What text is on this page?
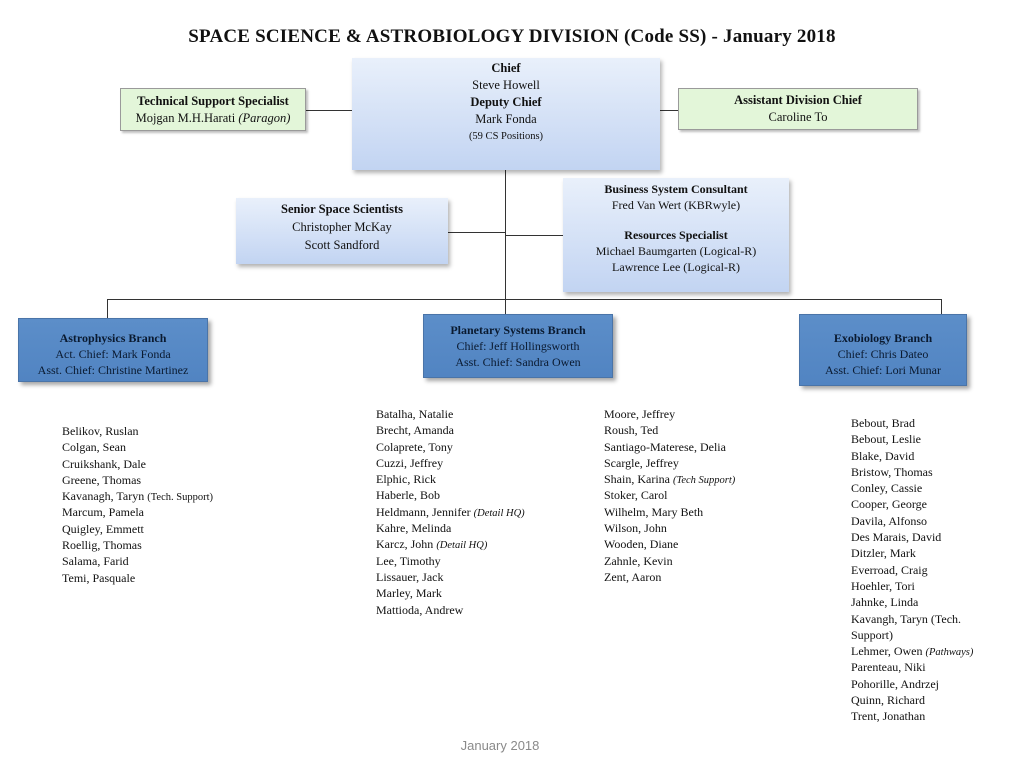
SPACE SCIENCE & ASTROBIOLOGY DIVISION (Code SS) - January 2018
Chief
Steve Howell
Deputy Chief
Mark Fonda
(59 CS Positions)
Technical Support Specialist
Mojgan M.H.Harati (Paragon)
Assistant Division Chief
Caroline To
Senior Space Scientists
Christopher McKay
Scott Sandford
Business System Consultant
Fred Van Wert (KBRwyle)
Resources Specialist
Michael Baumgarten (Logical-R)
Lawrence Lee (Logical-R)
Astrophysics Branch
Act. Chief: Mark Fonda
Asst. Chief: Christine Martinez
Planetary Systems Branch
Chief: Jeff Hollingsworth
Asst. Chief: Sandra Owen
Exobiology Branch
Chief: Chris Dateo
Asst. Chief: Lori Munar
Belikov, Ruslan
Colgan, Sean
Cruikshank, Dale
Greene, Thomas
Kavanagh, Taryn (Tech. Support)
Marcum, Pamela
Quigley, Emmett
Roellig, Thomas
Salama, Farid
Temi, Pasquale
Batalha, Natalie
Brecht, Amanda
Colaprete, Tony
Cuzzi, Jeffrey
Elphic, Rick
Haberle, Bob
Heldmann, Jennifer (Detail HQ)
Kahre, Melinda
Karcz, John (Detail HQ)
Lee, Timothy
Lissauer, Jack
Marley, Mark
Mattioda, Andrew
Moore, Jeffrey
Roush, Ted
Santiago-Materese, Delia
Scargle, Jeffrey
Shain, Karina (Tech Support)
Stoker, Carol
Wilhelm, Mary Beth
Wilson, John
Wooden, Diane
Zahnle, Kevin
Zent, Aaron
Bebout, Brad
Bebout, Leslie
Blake, David
Bristow, Thomas
Conley, Cassie
Cooper, George
Davila, Alfonso
Des Marais, David
Ditzler, Mark
Everroad, Craig
Hoehler, Tori
Jahnke, Linda
Kavangh, Taryn (Tech.
Support)
Lehmer, Owen (Pathways)
Parenteau, Niki
Pohorille, Andrzej
Quinn, Richard
Trent, Jonathan
January 2018
